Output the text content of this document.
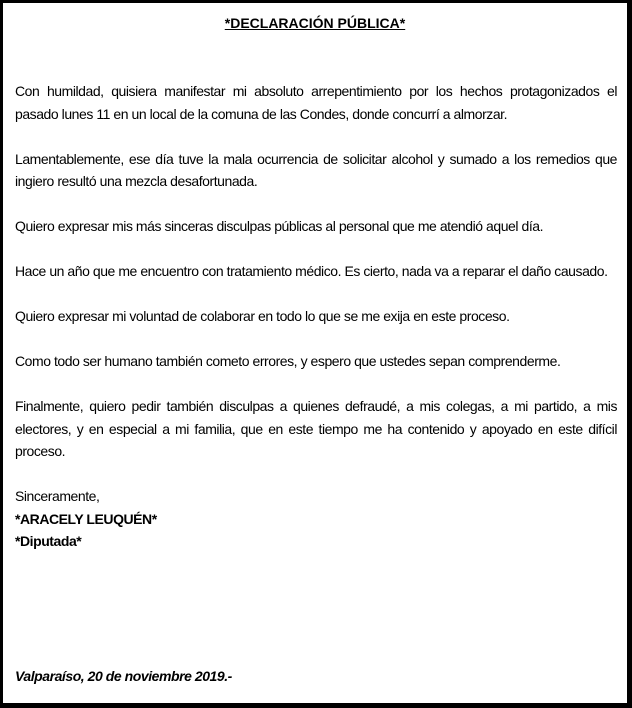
*DECLARACIÓN PÚBLICA*

Con humildad, quisiera manifestar mi absoluto arrepentimiento por los hechos protagonizados el pasado lunes 11 en un local de la comuna de las Condes, donde concurrí a almorzar.

Lamentablemente, ese día tuve la mala ocurrencia de solicitar alcohol y sumado a los remedios que ingiero resultó una mezcla desafortunada.

Quiero expresar mis más sinceras disculpas públicas al personal que me atendió aquel día.

Hace un año que me encuentro con tratamiento médico. Es cierto, nada va a reparar el daño causado.

Quiero expresar mi voluntad de colaborar en todo lo que se me exija en este proceso.

Como todo ser humano también cometo errores, y espero que ustedes sepan comprenderme.

Finalmente, quiero pedir también disculpas a quienes defraudé, a mis colegas, a mi partido, a mis electores, y en especial a mi familia, que en este tiempo me ha contenido y apoyado en este difícil proceso.

Sinceramente,

*ARACELY LEUQUÉN*

*Diputada*

Valparaíso, 20 de noviembre 2019.-
